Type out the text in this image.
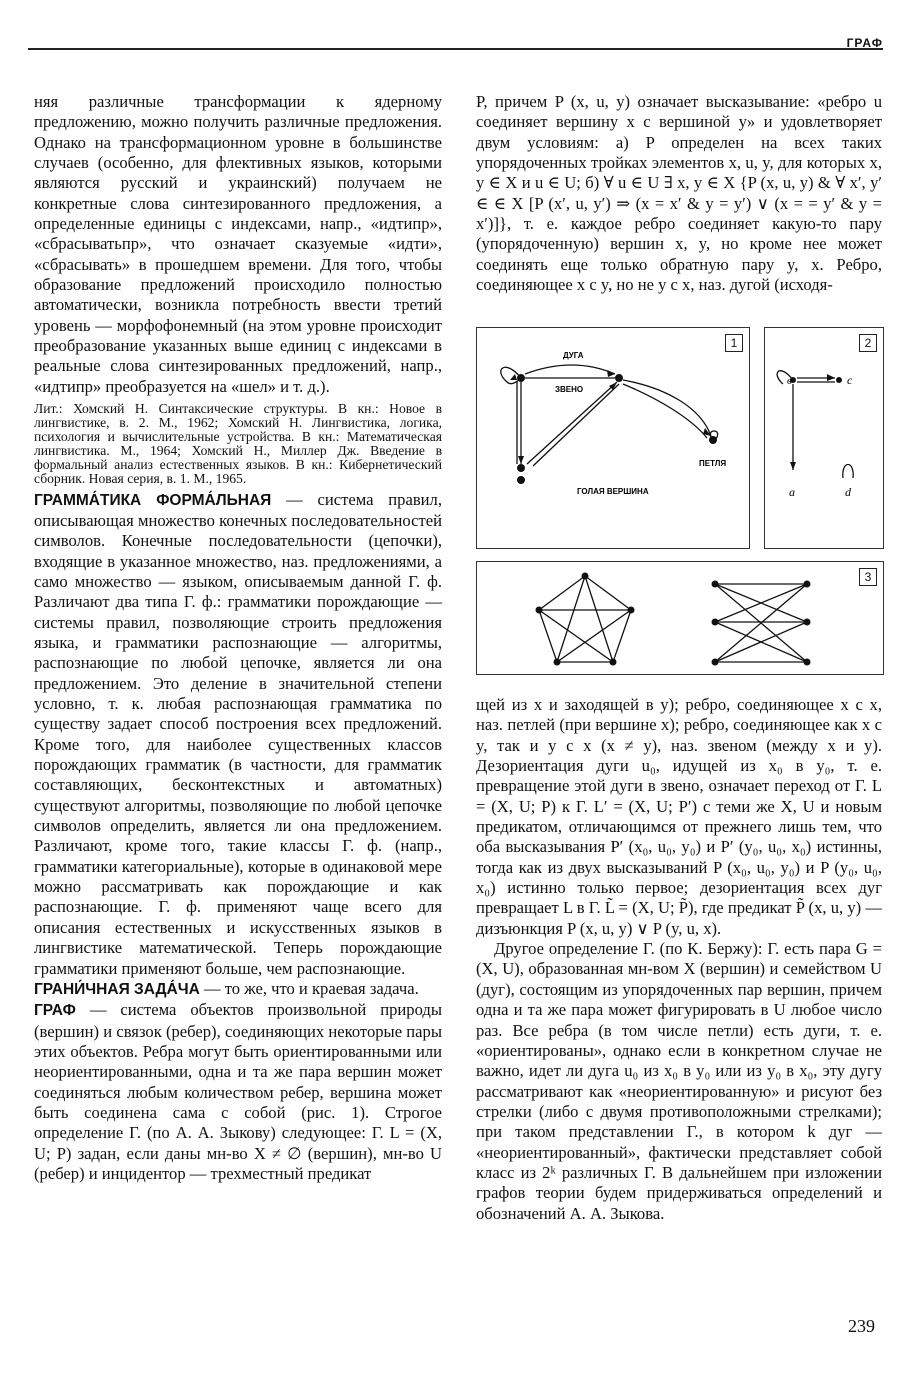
ГРАФ

няя различные трансформации к ядерному предложению, можно получить различные предложения. Однако на трансформационном уровне в большинстве случаев (особенно, для флективных языков, которыми являются русский и украинский) получаем не конкретные слова синтезированного предложения, а определенные единицы с индексами, напр., «идтипр», «сбрасыватьпр», что означает сказуемые «идти», «сбрасывать» в прошедшем времени. Для того, чтобы образование предложений происходило полностью автоматически, возникла потребность ввести третий уровень — морфофонемный (на этом уровне происходит преобразование указанных выше единиц с индексами в реальные слова синтезированных предложений, напр., «идтипр» преобразуется на «шел» и т. д.).

Лит.: Хомский Н. Синтаксические структуры. В кн.: Новое в лингвистике, в. 2. М., 1962; Хомский Н. Лингвистика, логика, психология и вычислительные устройства. В кн.: Математическая лингвистика. М., 1964; Хомский Н., Миллер Дж. Введение в формальный анализ естественных языков. В кн.: Кибернетический сборник. Новая серия, в. 1. М., 1965.

ГРАММА́ТИКА ФОРМА́ЛЬНАЯ — система правил, описывающая множество конечных последовательностей символов. Конечные последовательности (цепочки), входящие в указанное множество, наз. предложениями, а само множество — языком, описываемым данной Г. ф. Различают два типа Г. ф.: грамматики порождающие — системы правил, позволяющие строить предложения языка, и грамматики распознающие — алгоритмы, распознающие по любой цепочке, является ли она предложением. Это деление в значительной степени условно, т. к. любая распознающая грамматика по существу задает способ построения всех предложений. Кроме того, для наиболее существенных классов порождающих грамматик (в частности, для грамматик составляющих, бесконтекстных и автоматных) существуют алгоритмы, позволяющие по любой цепочке символов определить, является ли она предложением. Различают, кроме того, такие классы Г. ф. (напр., грамматики категориальные), которые в одинаковой мере можно рассматривать как порождающие и как распознающие. Г. ф. применяют чаще всего для описания естественных и искусственных языков в лингвистике математической. Теперь порождающие грамматики применяют больше, чем распознающие.

ГРАНИ́ЧНАЯ ЗАДА́ЧА — то же, что и краевая задача.

ГРАФ — система объектов произвольной природы (вершин) и связок (ребер), соединяющих некоторые пары этих объектов. Ребра могут быть ориентированными или неориентированными, одна и та же пара вершин может соединяться любым количеством ребер, вершина может быть соединена сама с собой (рис. 1). Строгое определение Г. (по А. А. Зыкову) следующее: Г. L = (X, U; P) задан, если даны мн-во X ≠ ∅ (вершин), мн-во U (ребер) и инцидентор — трехместный предикат

P, причем P (x, u, y) означает высказывание: «ребро u соединяет вершину x с вершиной y» и удовлетворяет двум условиям: а) P определен на всех таких упорядоченных тройках элементов x, u, y, для которых x, y ∈ X и u ∈ U; б) ∀ u ∈ U ∃ x, y ∈ X {P (x, u, y) & ∀ x′, y′ ∈ ∈ X [P (x′, u, y′) ⇒ (x = x′ & y = y′) ∨ (x = = y′ & y = x′)]}, т. е. каждое ребро соединяет какую-то пару (упорядоченную) вершин x, y, но кроме нее может соединять еще только обратную пару y, x. Ребро, соединяющее x с y, но не y с x, наз. дугой (исходя-

1
ДУГА
ЗВЕНО
ПЕТЛЯ
ГОЛАЯ ВЕРШИНА
2
в	c
a	d
3

щей из x и заходящей в y); ребро, соединяющее x с x, наз. петлей (при вершине x); ребро, соединяющее как x с y, так и y с x (x ≠ y), наз. звеном (между x и y). Дезориентация дуги u₀, идущей из x₀ в y₀, т. е. превращение этой дуги в звено, означает переход от Г. L = (X, U; P) к Г. L′ = (X, U; P′) с теми же X, U и новым предикатом, отличающимся от прежнего лишь тем, что оба высказывания P′ (x₀, u₀, y₀) и P′ (y₀, u₀, x₀) истинны, тогда как из двух высказываний P (x₀, u₀, y₀) и P (y₀, u₀, x₀) истинно только первое; дезориентация всех дуг превращает L в Г. L̃ = (X, U; P̃), где предикат P̃ (x, u, y) — дизъюнкция P (x, u, y) ∨ P (y, u, x).

Другое определение Г. (по К. Бержу): Г. есть пара G = (X, U), образованная мн-вом X (вершин) и семейством U (дуг), состоящим из упорядоченных пар вершин, причем одна и та же пара может фигурировать в U любое число раз. Все ребра (в том числе петли) есть дуги, т. е. «ориентированы», однако если в конкретном случае не важно, идет ли дуга u₀ из x₀ в y₀ или из y₀ в x₀, эту дугу рассматривают как «неориентированную» и рисуют без стрелки (либо с двумя противоположными стрелками); при таком представлении Г., в котором k дуг — «неориентированный», фактически представляет собой класс из 2ᵏ различных Г. В дальнейшем при изложении графов теории будем придерживаться определений и обозначений А. А. Зыкова.

239
